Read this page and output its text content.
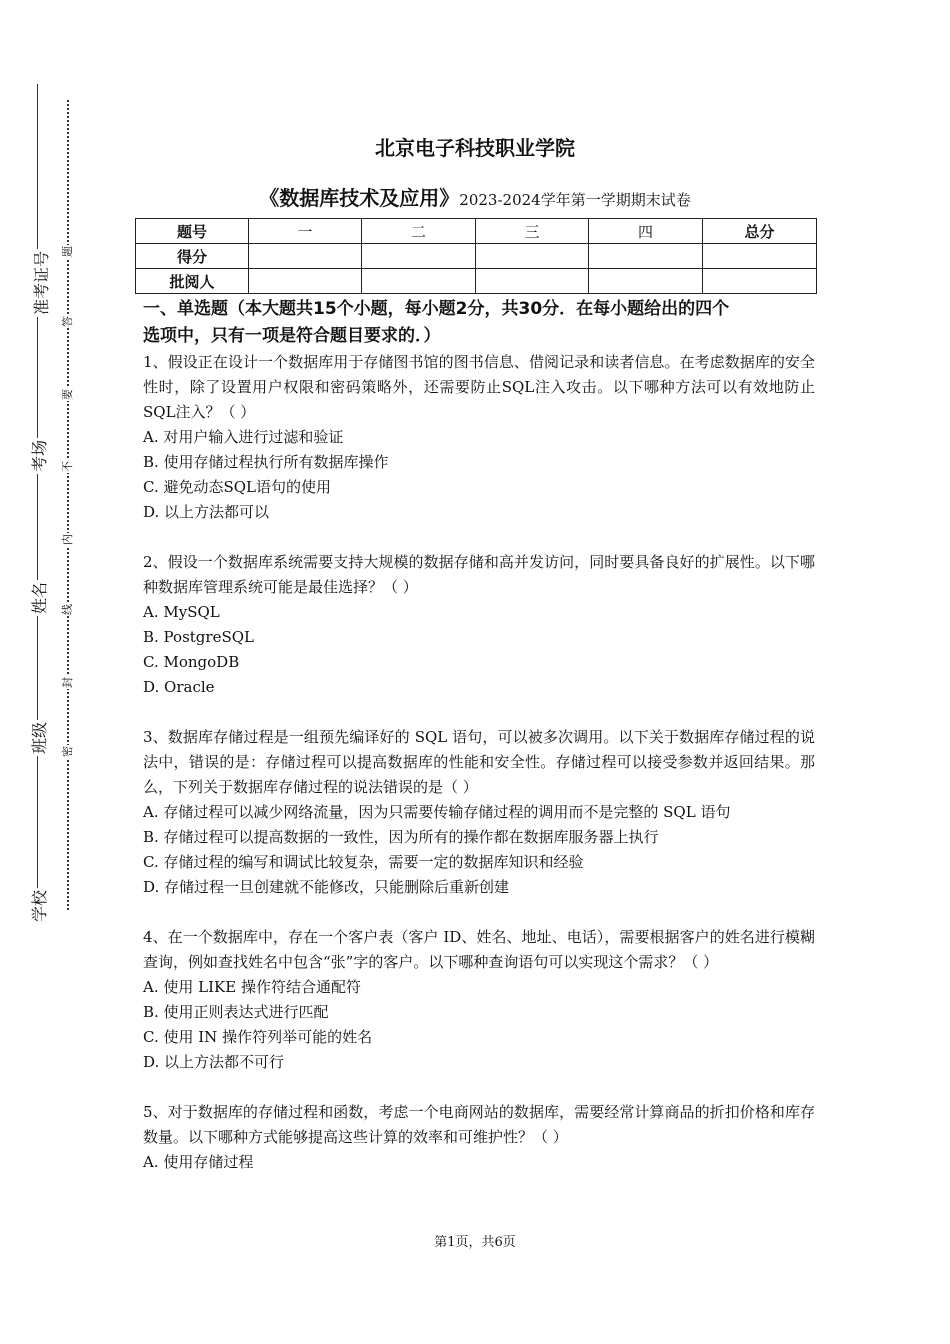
准考证号
考场
姓名
班级
学校
题
答
要
不
内
线
封
密
北京电子科技职业学院
《数据库技术及应用》2023-2024学年第一学期期末试卷
题号	一	二	三	四	总分
得分					
批阅人					
一、单选题（本大题共15个小题，每小题2分，共30分．在每小题给出的四个
选项中，只有一项是符合题目要求的．）
1、假设正在设计一个数据库用于存储图书馆的图书信息、借阅记录和读者信息。在考虑数据库的安全性时，除了设置用户权限和密码策略外，还需要防止SQL注入攻击。以下哪种方法可以有效地防止SQL注入？（ ）
A. 对用户输入进行过滤和验证
B. 使用存储过程执行所有数据库操作
C. 避免动态SQL语句的使用
D. 以上方法都可以
2、假设一个数据库系统需要支持大规模的数据存储和高并发访问，同时要具备良好的扩展性。以下哪种数据库管理系统可能是最佳选择？（ ）
A. MySQL
B. PostgreSQL
C. MongoDB
D. Oracle
3、数据库存储过程是一组预先编译好的 SQL 语句，可以被多次调用。以下关于数据库存储过程的说法中，错误的是：存储过程可以提高数据库的性能和安全性。存储过程可以接受参数并返回结果。那么，下列关于数据库存储过程的说法错误的是（ ）
A. 存储过程可以减少网络流量，因为只需要传输存储过程的调用而不是完整的 SQL 语句
B. 存储过程可以提高数据的一致性，因为所有的操作都在数据库服务器上执行
C. 存储过程的编写和调试比较复杂，需要一定的数据库知识和经验
D. 存储过程一旦创建就不能修改，只能删除后重新创建
4、在一个数据库中，存在一个客户表（客户 ID、姓名、地址、电话），需要根据客户的姓名进行模糊查询，例如查找姓名中包含“张”字的客户。以下哪种查询语句可以实现这个需求？（ ）
A. 使用 LIKE 操作符结合通配符
B. 使用正则表达式进行匹配
C. 使用 IN 操作符列举可能的姓名
D. 以上方法都不可行
5、对于数据库的存储过程和函数，考虑一个电商网站的数据库，需要经常计算商品的折扣价格和库存数量。以下哪种方式能够提高这些计算的效率和可维护性？（ ）
A. 使用存储过程
第1页，共6页
